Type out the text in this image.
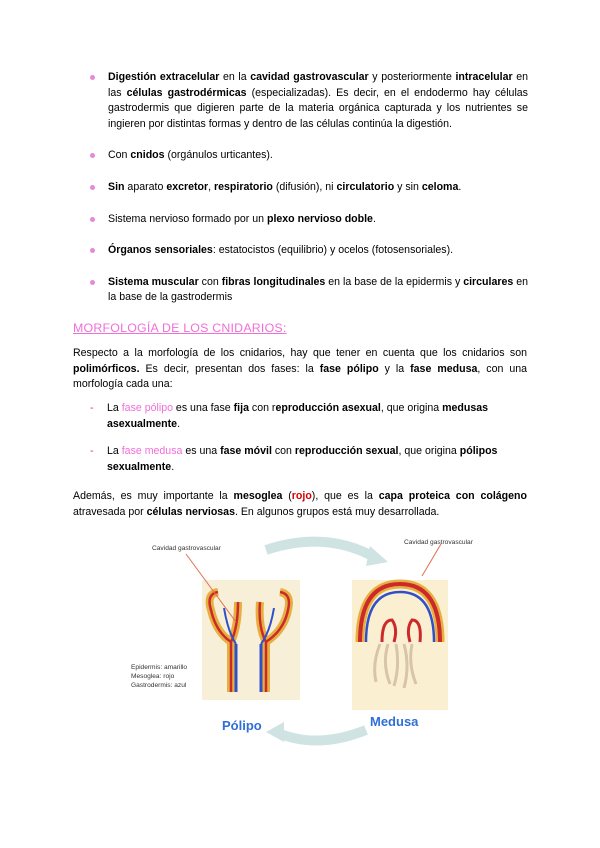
Digestión extracelular en la cavidad gastrovascular y posteriormente intracelular en las células gastrodérmicas (especializadas). Es decir, en el endodermo hay células gastrodermis que digieren parte de la materia orgánica capturada y los nutrientes se ingieren por distintas formas y dentro de las células continúa la digestión.
Con cnidos (orgánulos urticantes).
Sin aparato excretor, respiratorio (difusión), ni circulatorio y sin celoma.
Sistema nervioso formado por un plexo nervioso doble.
Órganos sensoriales: estatocistos (equilibrio) y ocelos (fotosensoriales).
Sistema muscular con fibras longitudinales en la base de la epidermis y circulares en la base de la gastrodermis
MORFOLOGÍA DE LOS CNIDARIOS:
Respecto a la morfología de los cnidarios, hay que tener en cuenta que los cnidarios son polimórficos. Es decir, presentan dos fases: la fase pólipo y la fase medusa, con una morfología cada una:
-	La fase pólipo es una fase fija con reproducción asexual, que origina medusas asexualmente.
-	La fase medusa es una fase móvil con reproducción sexual, que origina pólipos sexualmente.
Además, es muy importante la mesoglea (rojo), que es la capa proteica con colágeno atravesada por células nerviosas. En algunos grupos está muy desarrollada.
Cavidad gastrovascular
Epidermis: amarillo
Mesoglea: rojo
Gastrodermis: azul
Cavidad gastrovascular
Pólipo	Medusa
